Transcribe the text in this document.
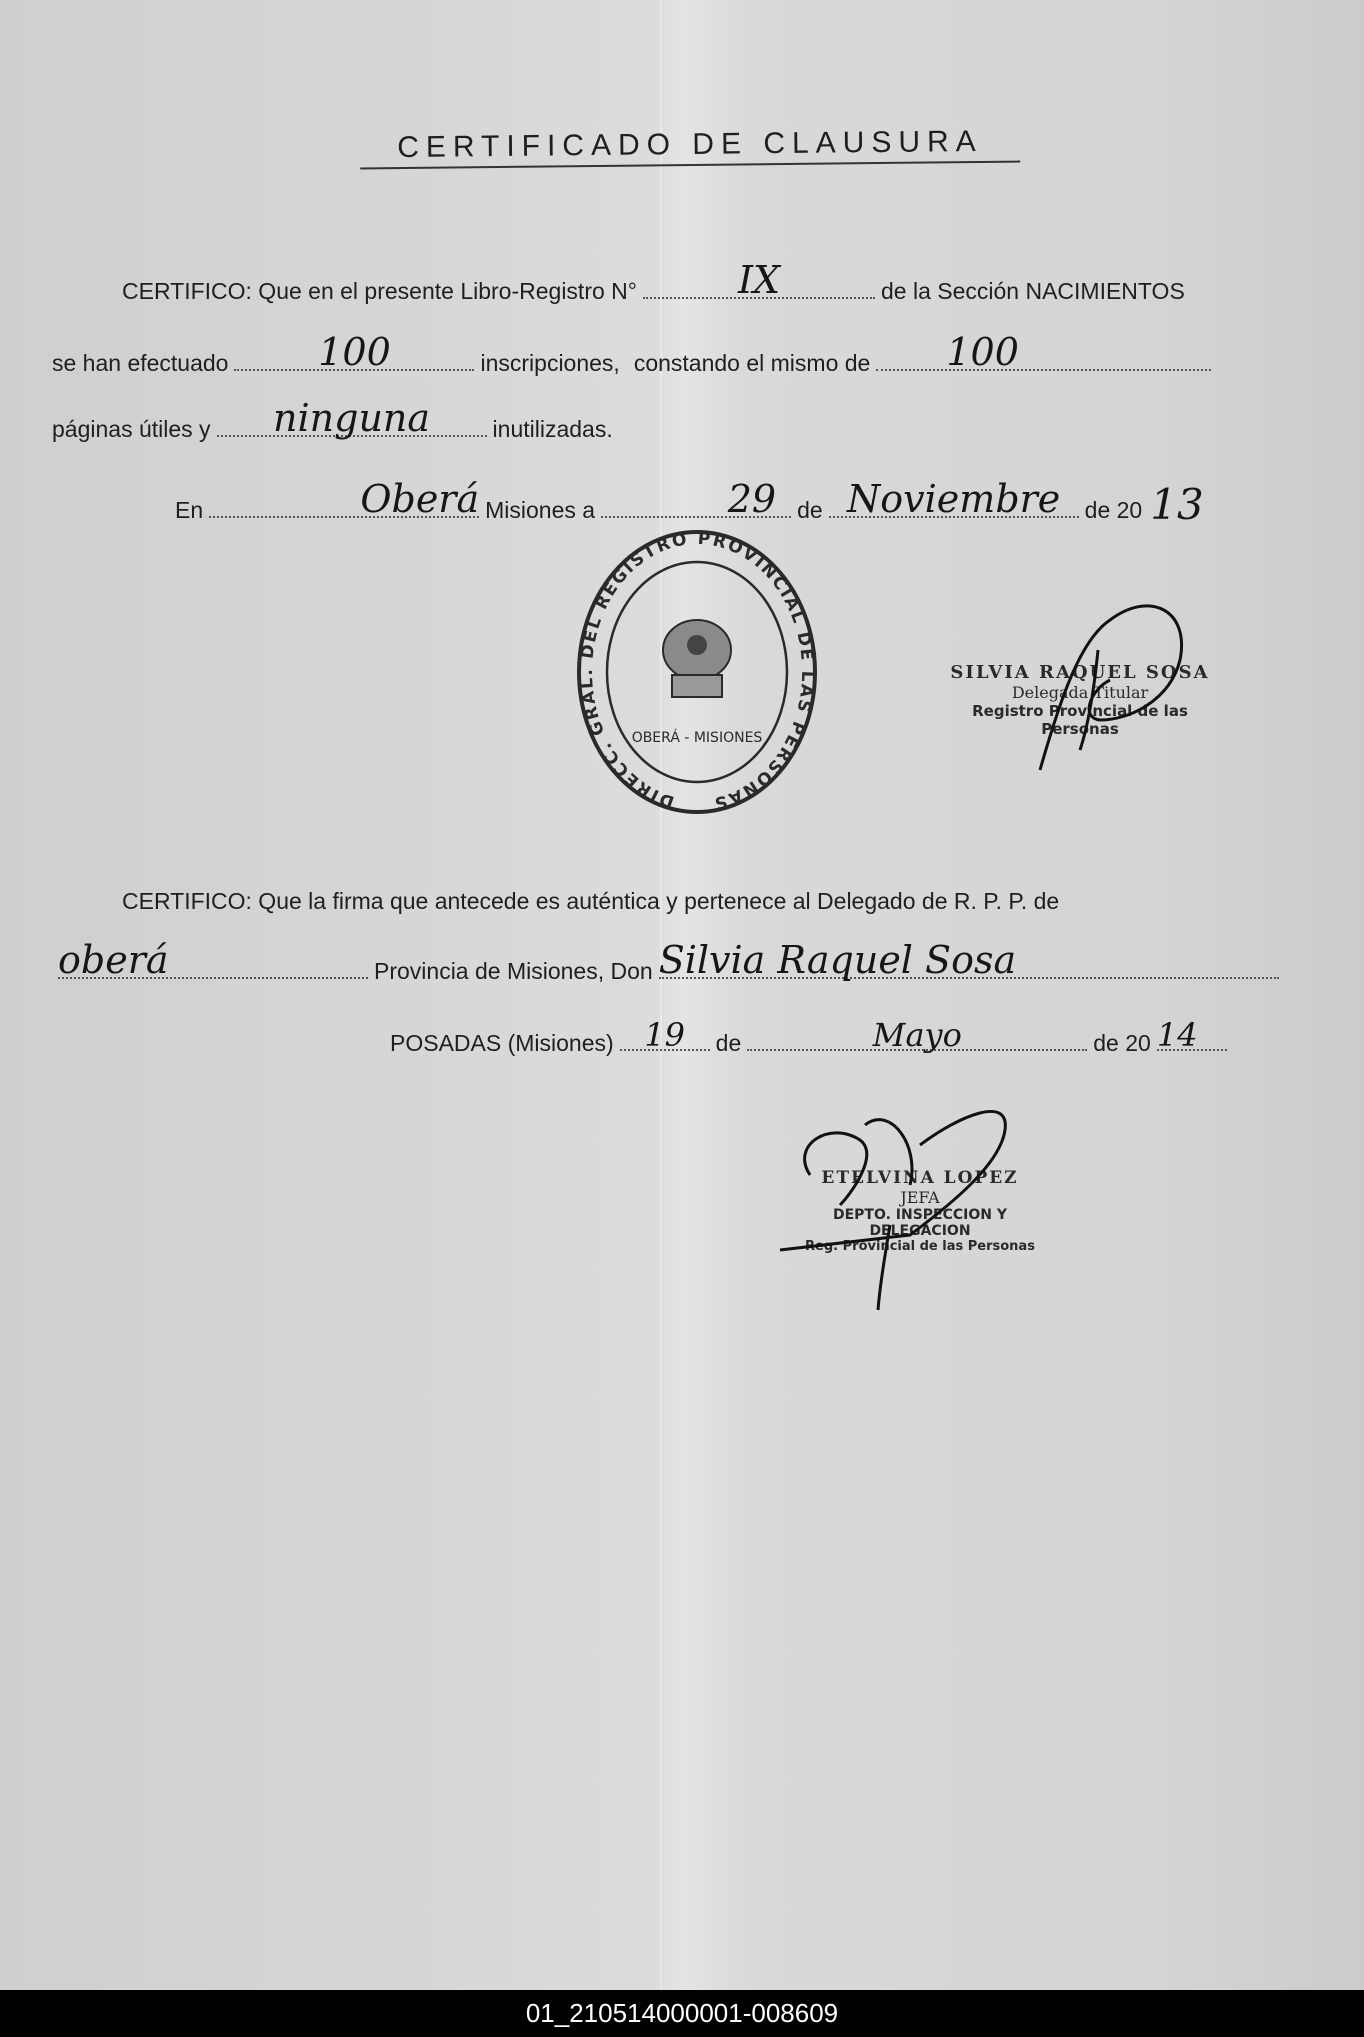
CERTIFICADO DE CLAUSURA
CERTIFICO: Que en el presente Libro-Registro N°	IX	de la Sección NACIMIENTOS
se han efectuado	100	inscripciones, constando el mismo de	100
páginas útiles y	ninguna	inutilizadas.
En	Oberá Misiones a	29 de Noviembre	de 20 13
DIRECC. GRAL. DEL REGISTRO PROVINCIAL DE LAS PERSONAS
OBERÁ - MISIONES
SILVIA RAQUEL SOSA
Delegada Titular
Registro Provincial de las Personas
CERTIFICO: Que la firma que antecede es auténtica y pertenece al Delegado de R. P. P. de
oberá	Provincia de Misiones, Don Silvia Raquel Sosa
POSADAS (Misiones) 19	de	Mayo	de 20 14
ETELVINA LOPEZ
JEFA
DEPTO. INSPECCION Y DELEGACION
Reg. Provincial de las Personas
01_210514000001-008609
